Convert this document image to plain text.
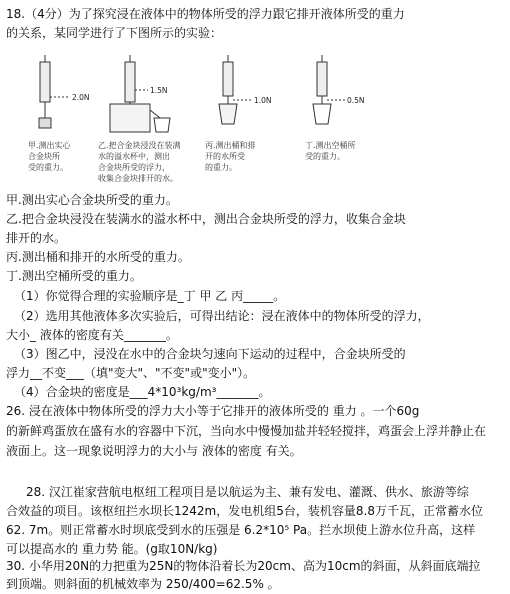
18.（4分）为了探究浸在液体中的物体所受的浮力跟它排开液体所受的重力
的关系，某同学进行了下图所示的实验：
2.0N
1.5N
1.0N	0.5N
甲.测出实心
合金块所
受的重力。
乙.把合金块浸没在装满
水的溢水杯中，测出
合金块所受的浮力，
收集合金块排开的水。
丙.测出桶和排
开的水所受
的重力。
丁.测出空桶所
受的重力。
甲.测出实心合金块所受的重力。
乙.把合金块浸没在装满水的溢水杯中，测出合金块所受的浮力，收集合金块
排开的水。
丙.测出桶和排开的水所受的重力。
丁.测出空桶所受的重力。
（1）你觉得合理的实验顺序是_丁 甲 乙 丙_____。
（2）选用其他液体多次实验后，可得出结论：浸在液体中的物体所受的浮力，
大小_ 液体的密度有关_______。
（3）图乙中，浸没在水中的合金块匀速向下运动的过程中，合金块所受的
浮力__不变___（填"变大"、"不变"或"变小"）。
（4）合金块的密度是___4*10³kg/m³_______。
26. 浸在液体中物体所受的浮力大小等于它排开的液体所受的 重力 。一个60g
的新鲜鸡蛋放在盛有水的容器中下沉，当向水中慢慢加盐并轻轻搅拌，鸡蛋会上浮并静止在
液面上。这一现象说明浮力的大小与 液体的密度 有关。
28. 汉江崔家营航电枢纽工程项目是以航运为主、兼有发电、灌溉、供水、旅游等综
合效益的项目。该枢纽拦水坝长1242m，发电机组5台，装机容量8.8万千瓦，正常蓄水位
62. 7m。则正常蓄水时坝底受到水的压强是 6.2*10⁵ Pa。拦水坝使上游水位升高，这样
可以提高水的 重力势 能。(g取10N/kg)
30. 小华用20N的力把重为25N的物体沿着长为20cm、高为10cm的斜面，从斜面底端拉
到顶端。则斜面的机械效率为 250/400=62.5% 。
